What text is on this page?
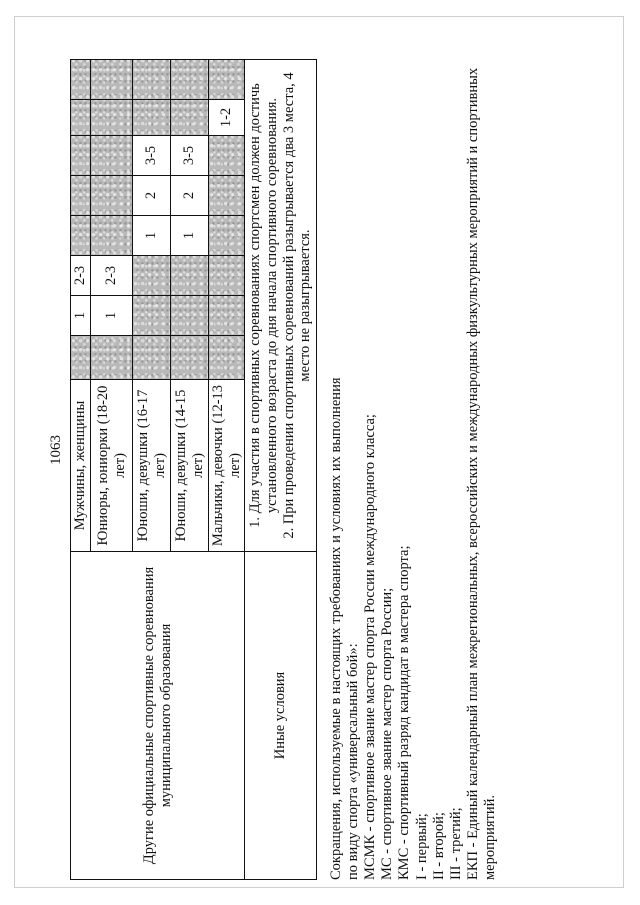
1063
Другие официальные спортивные соревнования муниципального образования	Мужчины, женщины		1	2-3					
	Юниоры, юниорки (18-20 лет)		1	2-3					
	Юноши, девушки (16-17 лет)				1	2	3-5		
	Юноши, девушки (14-15 лет)				1	2	3-5		
	Мальчики, девочки (12-13 лет)							1-2	
Иные условия	1. Для участия в спортивных соревнованиях спортсмен должен достичь установленного возраста до дня начала спортивного соревнования. 2. При проведении спортивных соревнований разыгрывается два 3 места, 4 место не разыгрывается.								
Сокращения, используемые в настоящих требованиях и условиях их выполнения по виду спорта «универсальный бой»: МСМК - спортивное звание мастер спорта России международного класса; МС - спортивное звание мастер спорта России; КМС - спортивный разряд кандидат в мастера спорта; I - первый; II - второй; III - третий; ЕКП - Единый календарный план межрегиональных, всероссийских и международных физкультурных мероприятий и спортивных мероприятий.
